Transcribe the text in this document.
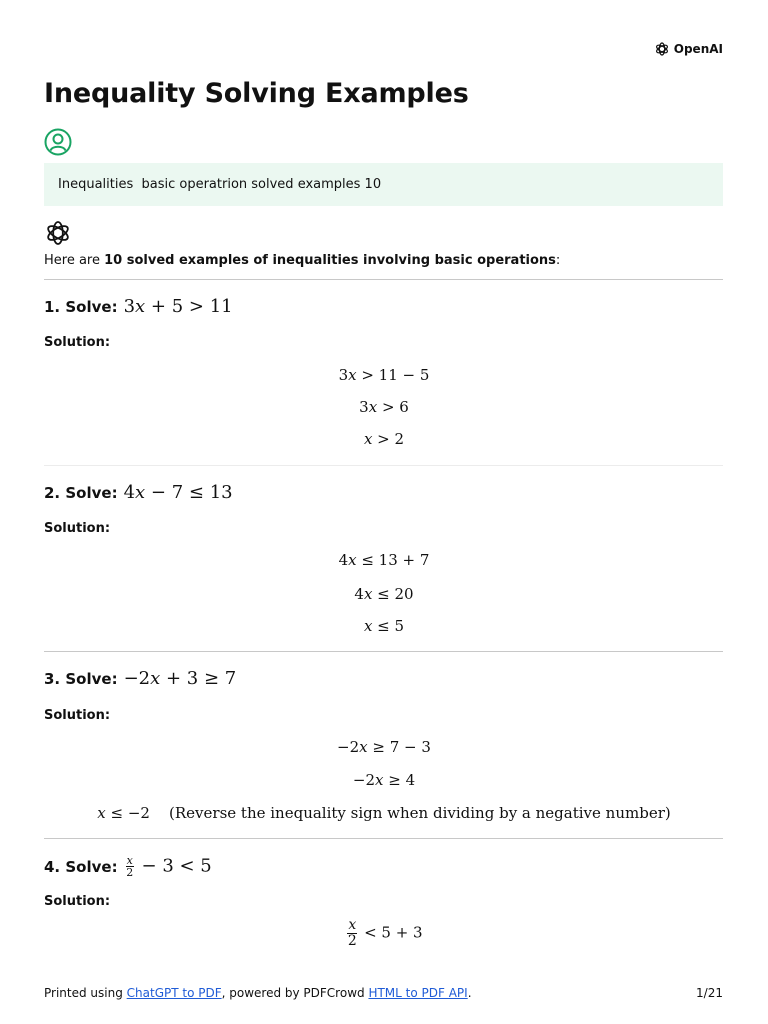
OpenAI
Inequality Solving Examples
Inequalities  basic operatrion solved examples 10
Here are 10 solved examples of inequalities involving basic operations:
1. Solve: 3x + 5 > 11
Solution:
3x > 11 − 5
3x > 6
x > 2
2. Solve: 4x − 7 ≤ 13
Solution:
4x ≤ 13 + 7
4x ≤ 20
x ≤ 5
3. Solve: −2x + 3 ≥ 7
Solution:
−2x ≥ 7 − 3
−2x ≥ 4
x ≤ −2    (Reverse the inequality sign when dividing by a negative number)
4. Solve: $\frac{x}{2} - 3 < 5$
Solution:
$\frac{x}{2} < 5 + 3$
Printed using ChatGPT to PDF, powered by PDFCrowd HTML to PDF API.	1/21
